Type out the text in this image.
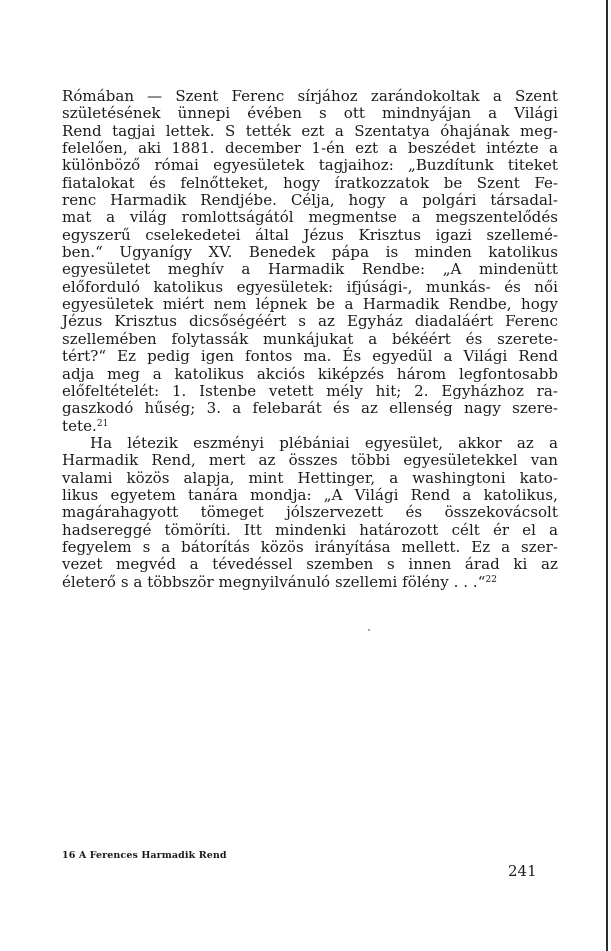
Rómában — Szent Ferenc sírjához zarándokoltak a Szent
születésének ünnepi évében s ott mindnyájan a Világi
Rend tagjai lettek. S tették ezt a Szentatya óhajának meg-
felelően, aki 1881. december 1-én ezt a beszédet intézte a
különböző római egyesületek tagjaihoz: „Buzdítunk titeket
fiatalokat és felnőtteket, hogy íratkozzatok be Szent Fe-
renc Harmadik Rendjébe. Célja, hogy a polgári társadal-
mat a világ romlottságától megmentse a megszentelődés
egyszerű cselekedetei által Jézus Krisztus igazi szellemé-
ben.“ Ugyanígy XV. Benedek pápa is minden katolikus
egyesületet meghív a Harmadik Rendbe: „A mindenütt
előforduló katolikus egyesületek: ifjúsági-, munkás- és női
egyesületek miért nem lépnek be a Harmadik Rendbe, hogy
Jézus Krisztus dicsőségéért s az Egyház diadaláért Ferenc
szellemében folytassák munkájukat a békéért és szerete-
tért?“ Ez pedig igen fontos ma. És egyedül a Világi Rend
adja meg a katolikus akciós kiképzés három legfontosabb
előfeltételét: 1. Istenbe vetett mély hit; 2. Egyházhoz ra-
gaszkodó hűség; 3. a felebarát és az ellenség nagy szere-
tete.$^{21}$
Ha létezik eszményi plébániai egyesület, akkor az a
Harmadik Rend, mert az összes többi egyesületekkel van
valami közös alapja, mint Hettinger, a washingtoni kato-
likus egyetem tanára mondja: „A Világi Rend a katolikus,
magárahagyott tömeget jólszervezett és összekovácsolt
hadsereggé tömöríti. Itt mindenki határozott célt ér el a
fegyelem s a bátorítás közös irányítása mellett. Ez a szer-
vezet megvéd a tévedéssel szemben s innen árad ki az
életerő s a többször megnyilvánuló szellemi fölény . . .“$^{22}$
16 A Ferences Harmadik Rend
241
